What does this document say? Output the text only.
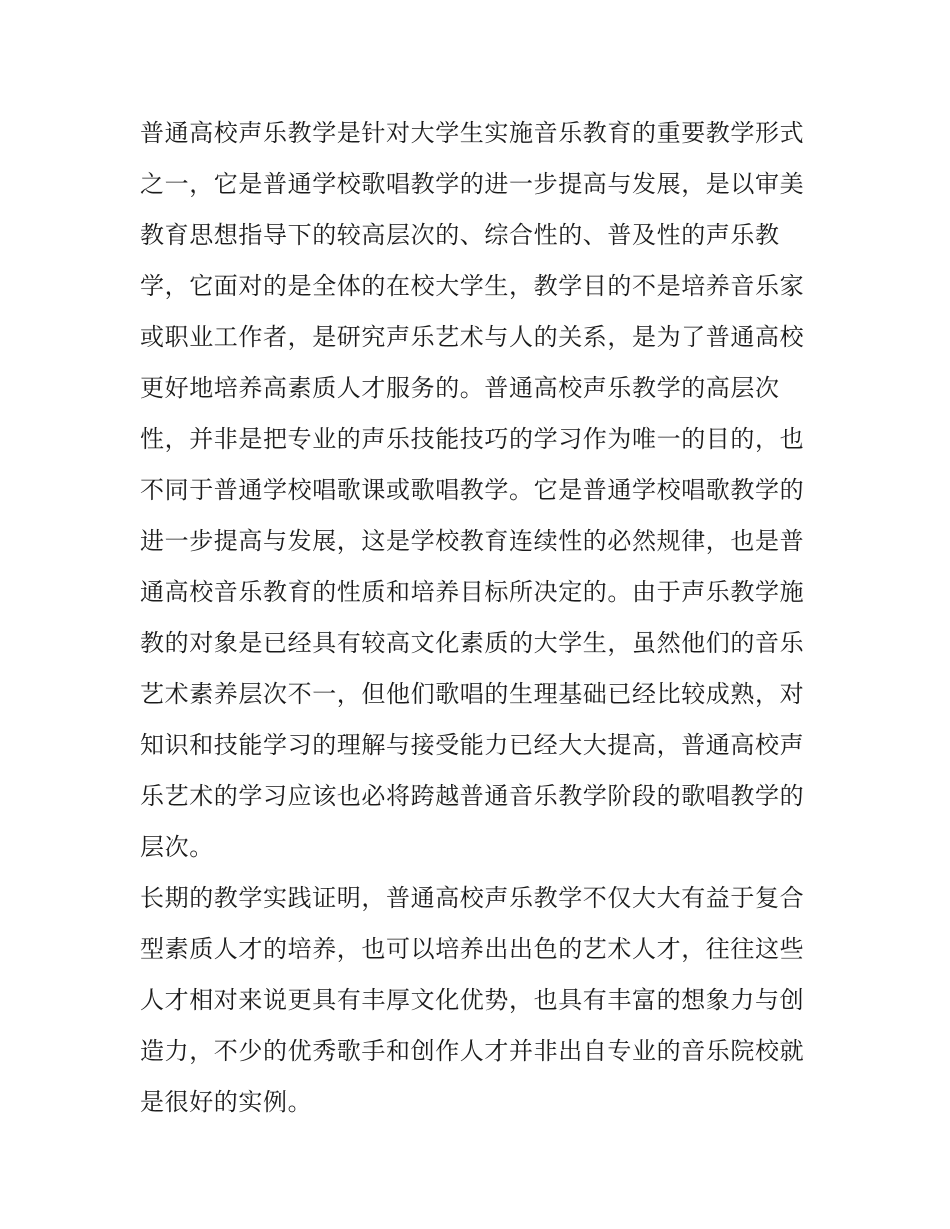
普通高校声乐教学是针对大学生实施音乐教育的重要教学形式
之一，它是普通学校歌唱教学的进一步提高与发展，是以审美
教育思想指导下的较高层次的、综合性的、普及性的声乐教
学，它面对的是全体的在校大学生，教学目的不是培养音乐家
或职业工作者，是研究声乐艺术与人的关系，是为了普通高校
更好地培养高素质人才服务的。普通高校声乐教学的高层次
性，并非是把专业的声乐技能技巧的学习作为唯一的目的，也
不同于普通学校唱歌课或歌唱教学。它是普通学校唱歌教学的
进一步提高与发展，这是学校教育连续性的必然规律，也是普
通高校音乐教育的性质和培养目标所决定的。由于声乐教学施
教的对象是已经具有较高文化素质的大学生，虽然他们的音乐
艺术素养层次不一，但他们歌唱的生理基础已经比较成熟，对
知识和技能学习的理解与接受能力已经大大提高，普通高校声
乐艺术的学习应该也必将跨越普通音乐教学阶段的歌唱教学的
层次。
长期的教学实践证明，普通高校声乐教学不仅大大有益于复合
型素质人才的培养，也可以培养出出色的艺术人才，往往这些
人才相对来说更具有丰厚文化优势，也具有丰富的想象力与创
造力，不少的优秀歌手和创作人才并非出自专业的音乐院校就
是很好的实例。
